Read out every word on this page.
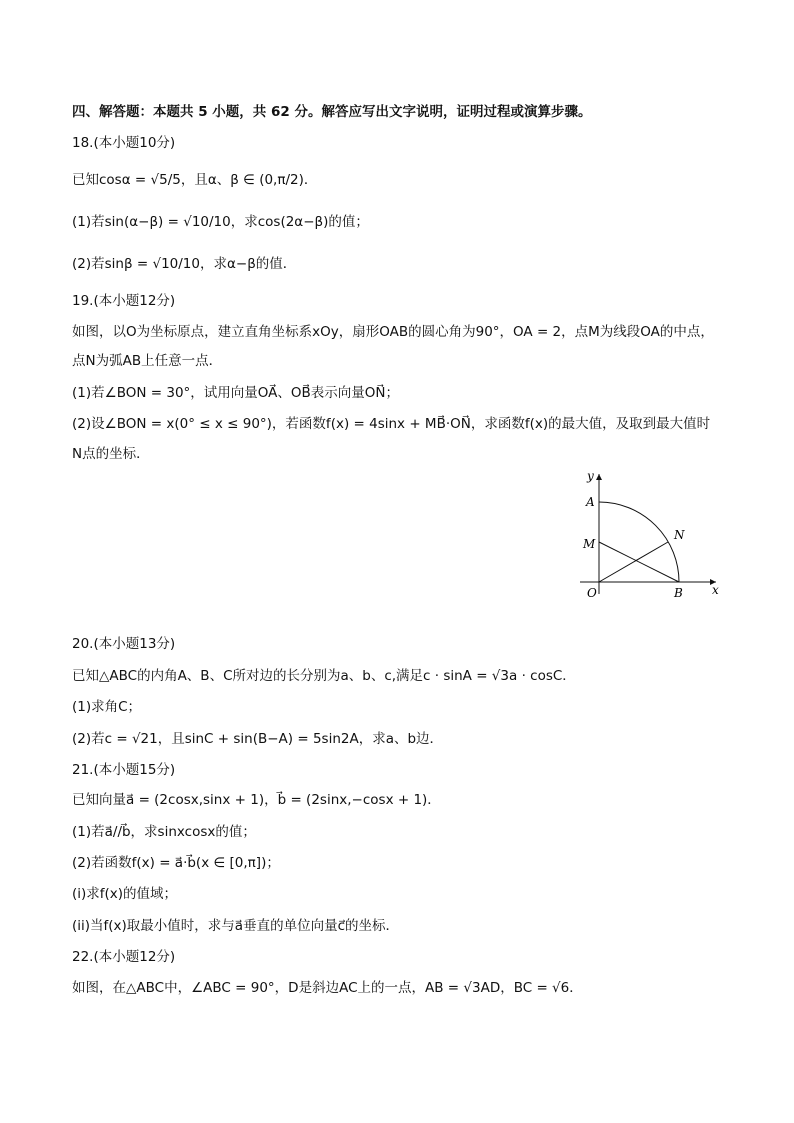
四、解答题：本题共 5 小题，共 62 分。解答应写出文字说明，证明过程或演算步骤。
18.(本小题10分)
已知cosα = √5/5，且α、β ∈ (0,π/2)．
(1)若sin(α−β) = √10/10，求cos(2α−β)的值；
(2)若sinβ = √10/10，求α−β的值．
19.(本小题12分)
如图，以O为坐标原点，建立直角坐标系xOy，扇形OAB的圆心角为90°，OA = 2，点M为线段OA的中点，
点N为弧AB上任意一点．
(1)若∠BON = 30°，试用向量OA⃗、OB⃗表示向量ON⃗；
(2)设∠BON = x(0° ≤ x ≤ 90°)，若函数f(x) = 4sinx + MB⃗·ON⃗，求函数f(x)的最大值，及取到最大值时
N点的坐标．
y
x
A
M
N
O	B
20.(本小题13分)
已知△ABC的内角A、B、C所对边的长分别为a、b、c,满足c · sinA = √3a · cosC．
(1)求角C；
(2)若c = √21，且sinC + sin(B−A) = 5sin2A，求a、b边．
21.(本小题15分)
已知向量a⃗ = (2cosx,sinx + 1)，b⃗ = (2sinx,−cosx + 1)．
(1)若a⃗//b⃗，求sinxcosx的值；
(2)若函数f(x) = a⃗·b⃗(x ∈ [0,π])；
(i)求f(x)的值域；
(ii)当f(x)取最小值时，求与a⃗垂直的单位向量c⃗的坐标．
22.(本小题12分)
如图，在△ABC中，∠ABC = 90°，D是斜边AC上的一点，AB = √3AD，BC = √6．
